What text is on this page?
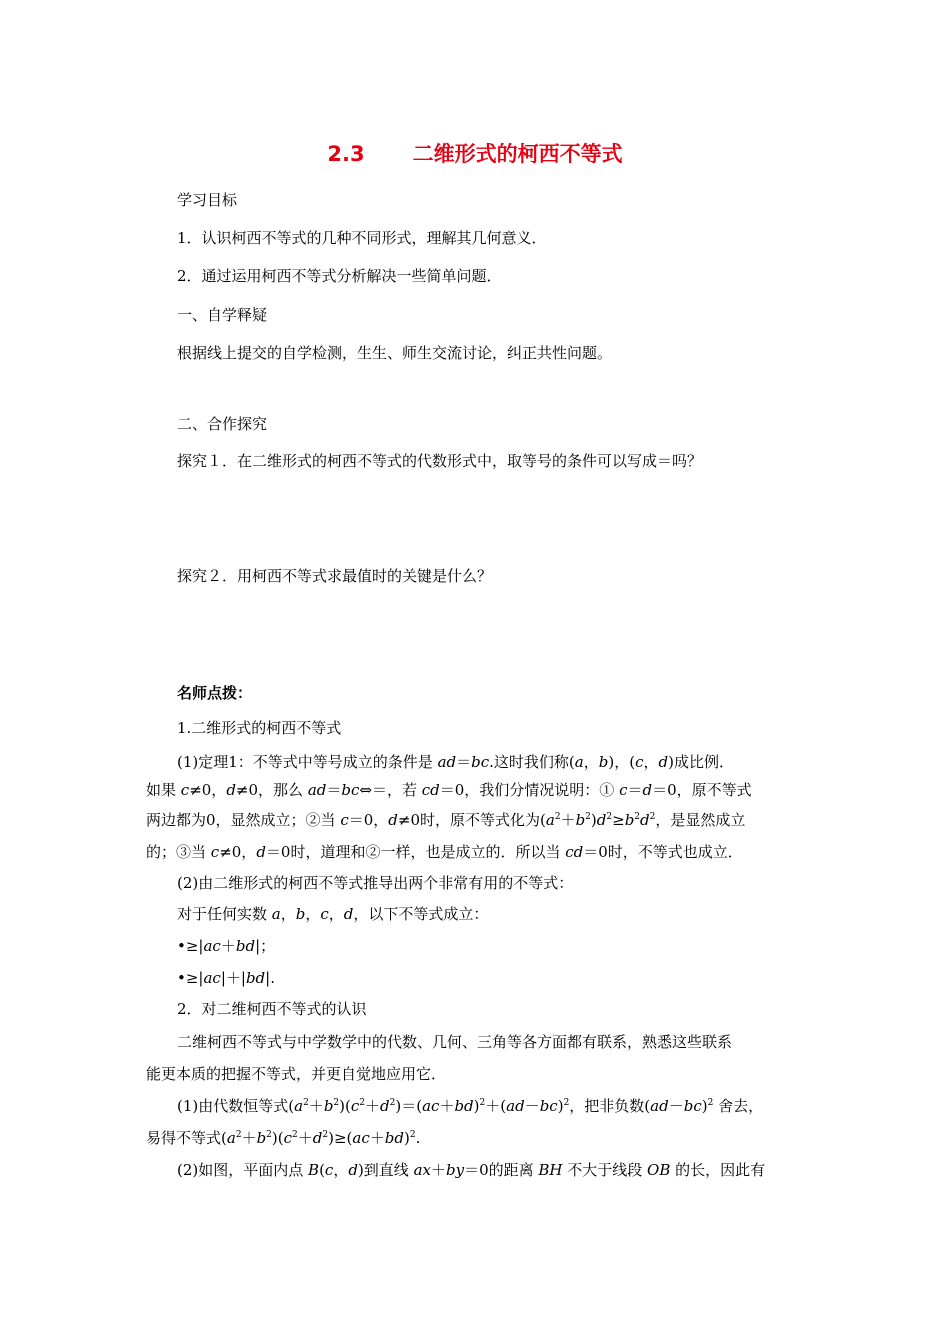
2.3 二维形式的柯西不等式
学习目标
1．认识柯西不等式的几种不同形式，理解其几何意义．
2．通过运用柯西不等式分析解决一些简单问题．
一、自学释疑
根据线上提交的自学检测，生生、师生交流讨论，纠正共性问题。
二、合作探究
探究１．在二维形式的柯西不等式的代数形式中，取等号的条件可以写成＝吗？
探究２．用柯西不等式求最值时的关键是什么？
名师点拨：
1.二维形式的柯西不等式
(1)定理1：不等式中等号成立的条件是 ad＝bc.这时我们称(a，b)，(c，d)成比例．
如果 c≠0，d≠0，那么 ad＝bc⇔＝，若 cd＝0，我们分情况说明：① c＝d＝0，原不等式
两边都为0，显然成立；②当 c＝0，d≠0时，原不等式化为$(a^2+b^2)d^2\ge b^2d^2$，是显然成立
的；③当 c≠0，d＝0时，道理和②一样，也是成立的．所以当 cd＝0时，不等式也成立．
(2)由二维形式的柯西不等式推导出两个非常有用的不等式：
对于任何实数 a，b，c，d，以下不等式成立：
•≥|ac＋bd|；
•≥|ac|＋|bd|.
2．对二维柯西不等式的认识
二维柯西不等式与中学数学中的代数、几何、三角等各方面都有联系，熟悉这些联系
能更本质的把握不等式，并更自觉地应用它．
(1)由代数恒等式$(a^2+b^2)(c^2+d^2)=(ac+bd)^2+(ad-bc)^2$，把非负数$(ad-bc)^2$ 舍去，
易得不等式$(a^2+b^2)(c^2+d^2)\ge(ac+bd)^2$.
(2)如图，平面内点 B(c，d)到直线 ax＋by＝0的距离 BH 不大于线段 OB 的长，因此有
